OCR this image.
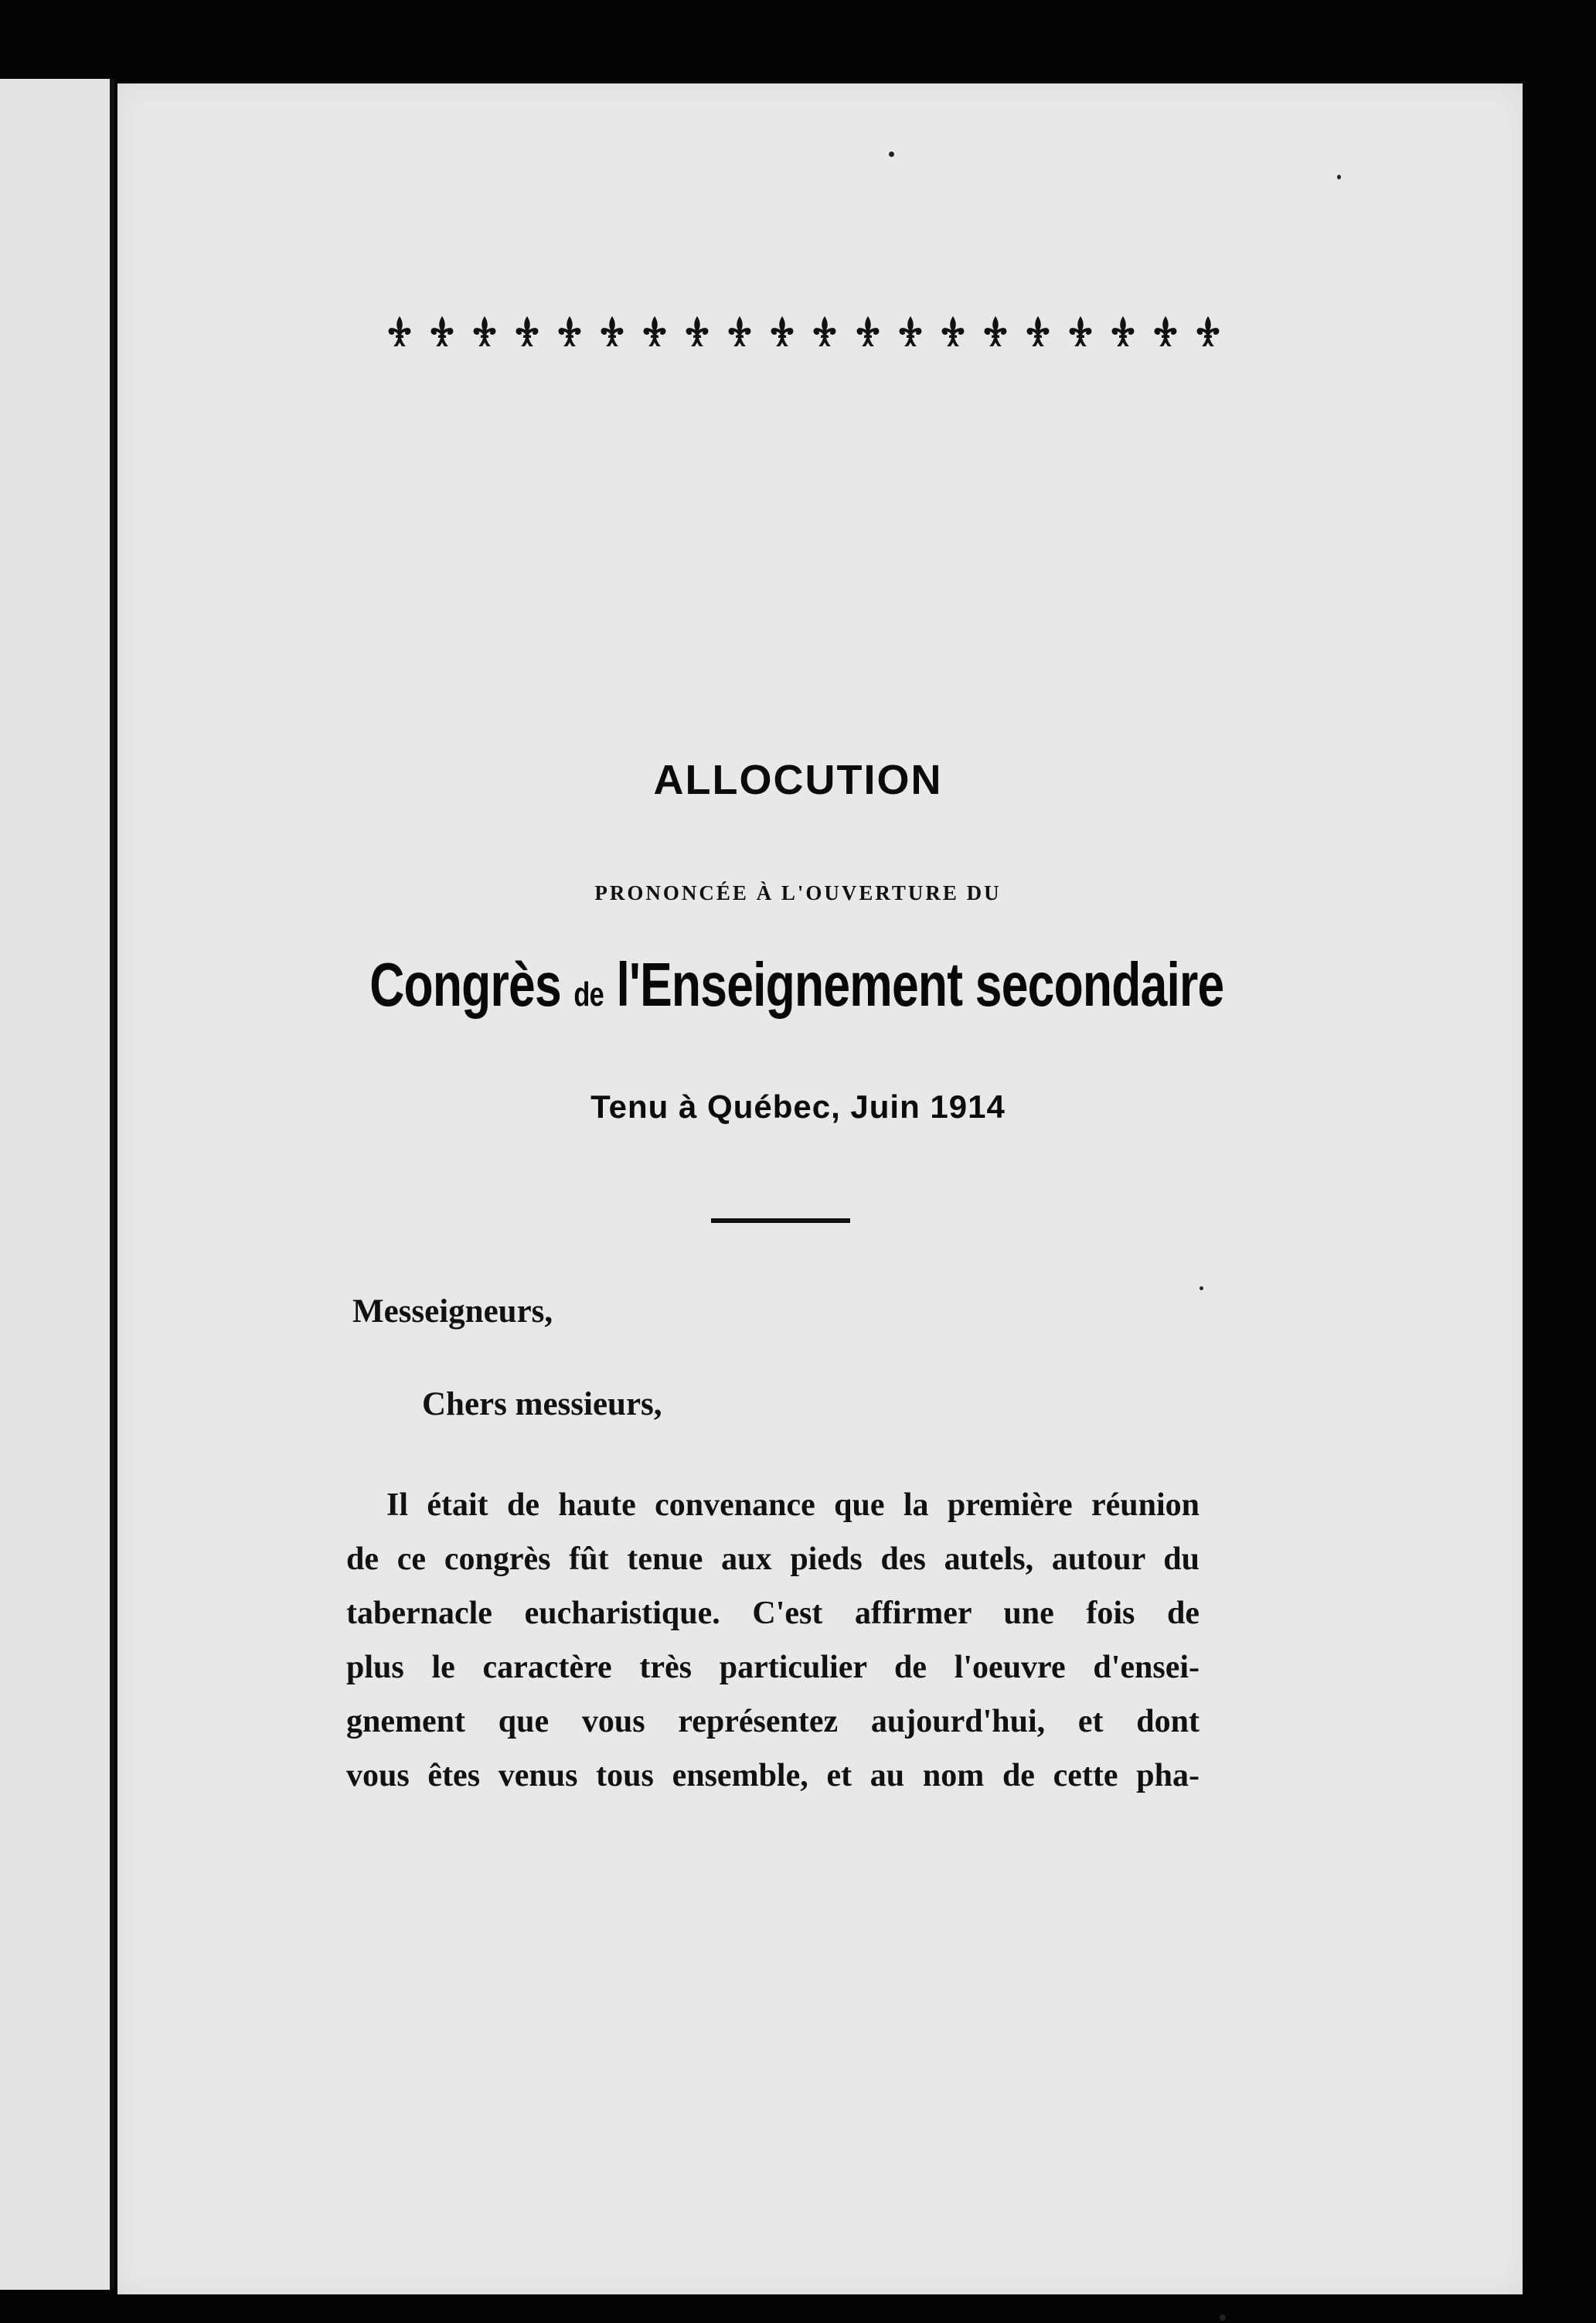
ALLOCUTION
PRONONCÉE À L'OUVERTURE DU
Congrès de l'Enseignement secondaire
Tenu à Québec, Juin 1914
Messeigneurs,
Chers messieurs,
Il était de haute convenance que la première réunion
de ce congrès fût tenue aux pieds des autels, autour du
tabernacle eucharistique. C'est affirmer une fois de
plus le caractère très particulier de l'oeuvre d'ensei-
gnement que vous représentez aujourd'hui, et dont
vous êtes venus tous ensemble, et au nom de cette pha-
